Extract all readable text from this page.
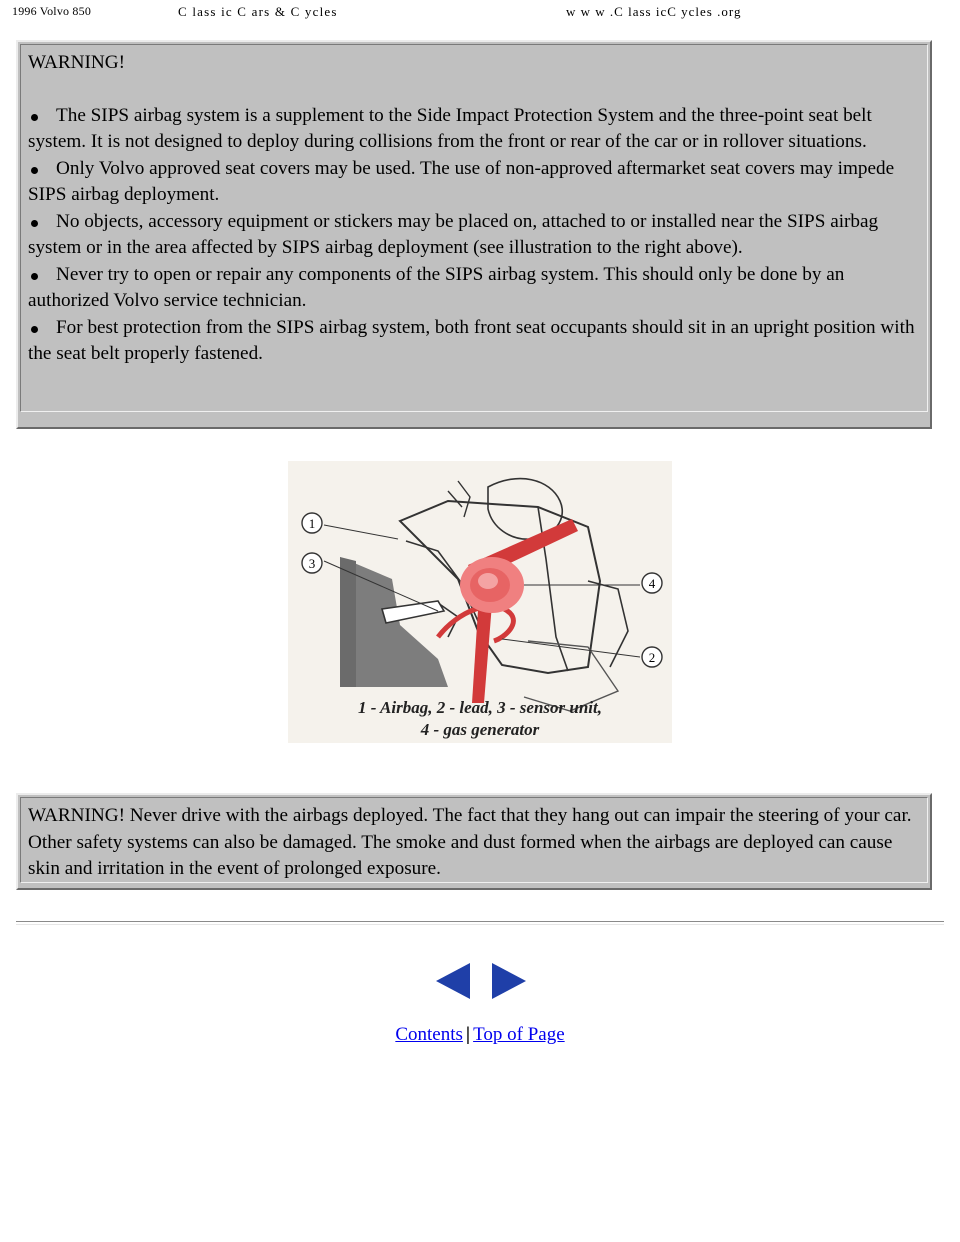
1996 Volvo 850	C lass ic C ars & C ycles	w w w .C lass icC ycles .org
WARNING!
The SIPS airbag system is a supplement to the Side Impact Protection System and the three-point seat belt system. It is not designed to deploy during collisions from the front or rear of the car or in rollover situations.
Only Volvo approved seat covers may be used. The use of non-approved aftermarket seat covers may impede SIPS airbag deployment.
No objects, accessory equipment or stickers may be placed on, attached to or installed near the SIPS airbag system or in the area affected by SIPS airbag deployment (see illustration to the right above).
Never try to open or repair any components of the SIPS airbag system. This should only be done by an authorized Volvo service technician.
For best protection from the SIPS airbag system, both front seat occupants should sit in an upright position with the seat belt properly fastened.
1
3
4
2
1 - Airbag, 2 - lead, 3 - sensor unit,
4 - gas generator
WARNING! Never drive with the airbags deployed. The fact that they hang out can impair the steering of your car. Other safety systems can also be damaged. The smoke and dust formed when the airbags are deployed can cause skin and irritation in the event of prolonged exposure.
Contents | Top of Page
